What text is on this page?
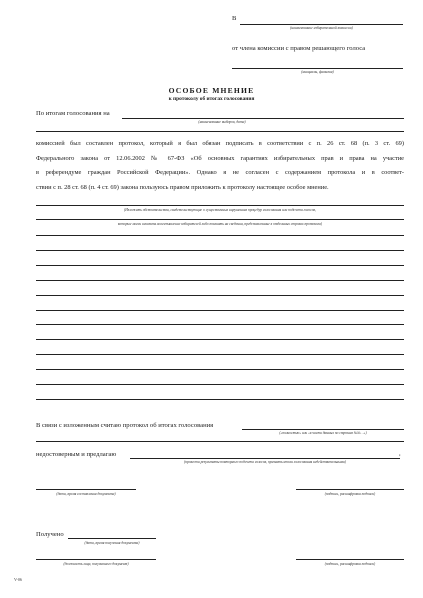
В
(наименование избирательной комиссии)
от члена комиссии с правом решающего голоса
(инициалы, фамилия)
ОСОБОЕ МНЕНИЕ
к протоколу об итогах голосования
По итогам голосования на
(наименование выборов, дата)
комиссией был составлен протокол, который я был обязан подписать в соответствии с п. 26 ст. 68 (п. 3 ст. 69)
Федерального закона от 12.06.2002 № 67-ФЗ «Об основных гарантиях избирательных прав и права на участие
в референдуме граждан Российской Федерации». Однако я не согласен с содержанием протокола и в соответ-
ствии с п. 28 ст. 68 (п. 4 ст. 69) закона пользуюсь правом приложить к протоколу настоящее особое мнение.
(Изложить обстоятельства, свидетельствующие о существенных нарушениях процедур голосования или подсчета голосов,
которые могли исказить волеизъявление избирателей либо повлиять на сведения, представленные в отдельных строках протокола)
В связи с изложенным считаю протокол об итогах голосования
(«полностью» или «в части данных по строкам №№…»)
недостоверным и предлагаю	,
(провести результаты повторного подсчета голосов, признать итоги голосования недействительными)
(дата, время составления документа)	(подпись, расшифровка подписи)
Получено
(дата, время получения документа)
(должность лица, получившего документ)	(подпись, расшифровка подписи)
V-06
